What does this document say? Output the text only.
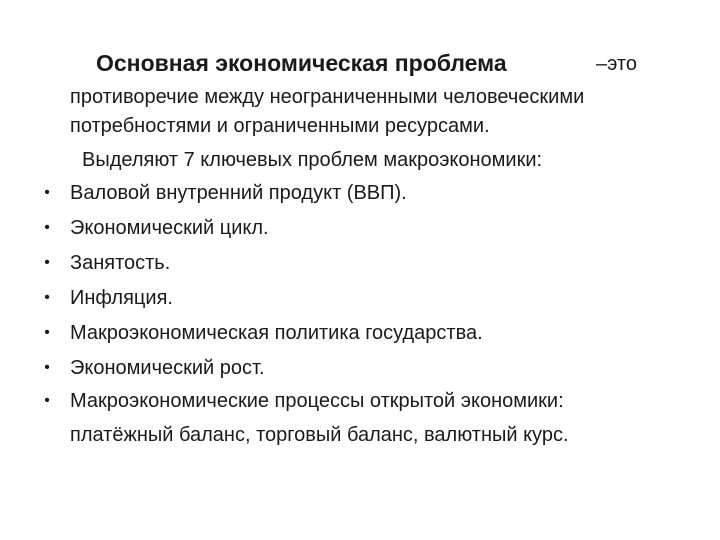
Основная экономическая проблема	–это
противоречие между неограниченными человеческими
потребностями и ограниченными ресурсами.
Выделяют 7 ключевых проблем макроэкономики:
• Валовой внутренний продукт (ВВП).
• Экономический цикл.
• Занятость.
• Инфляция.
• Макроэкономическая политика государства.
• Экономический рост.
• Макроэкономические процессы открытой экономики:
платёжный баланс, торговый баланс, валютный курс.
